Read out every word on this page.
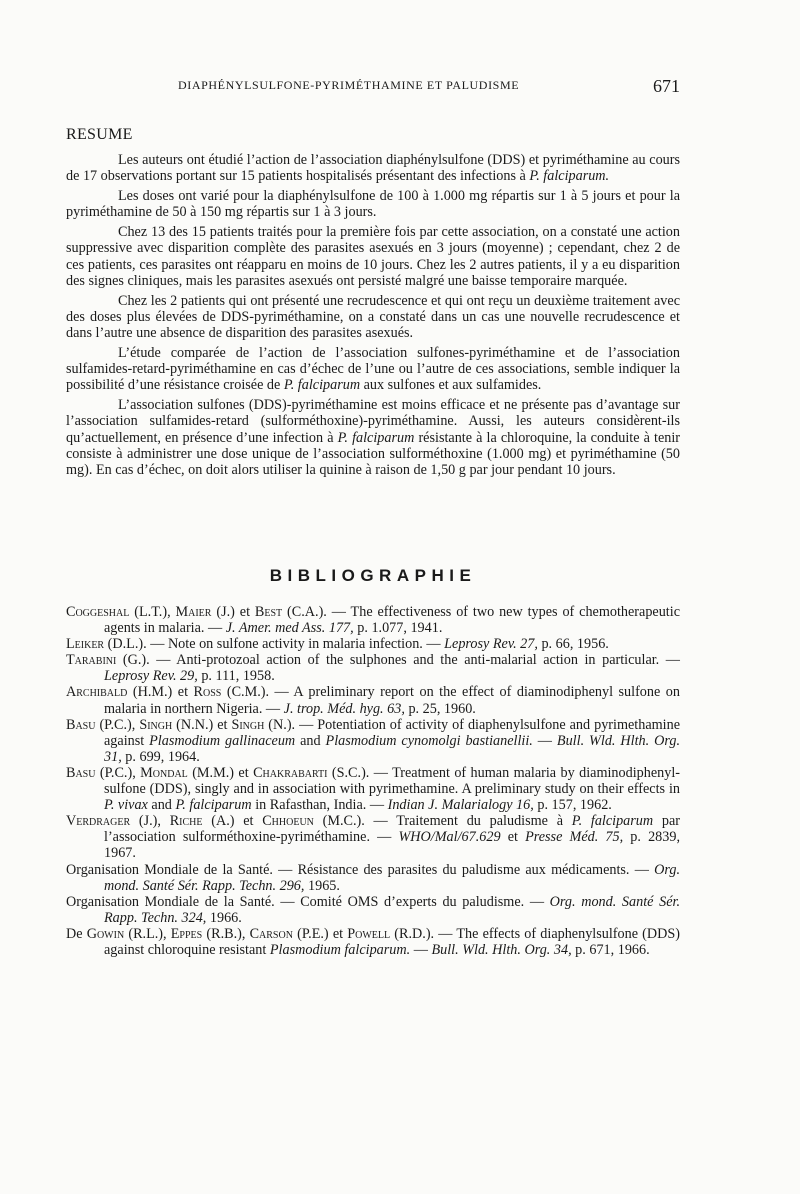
DIAPHÉNYLSULFONE-PYRIMÉTHAMINE ET PALUDISME	671
RESUME

Les auteurs ont étudié l’action de l’association diaphénylsulfone (DDS) et pyriméthamine au cours de 17 observations portant sur 15 patients hospitalisés présentant des infections à P. falciparum.

Les doses ont varié pour la diaphénylsulfone de 100 à 1.000 mg répartis sur 1 à 5 jours et pour la pyriméthamine de 50 à 150 mg répartis sur 1 à 3 jours.

Chez 13 des 15 patients traités pour la première fois par cette association, on a constaté une action suppressive avec disparition complète des parasites asexués en 3 jours (moyenne) ; cependant, chez 2 de ces patients, ces parasites ont réapparu en moins de 10 jours. Chez les 2 autres patients, il y a eu disparition des signes cliniques, mais les parasites asexués ont persisté malgré une baisse temporaire marquée.

Chez les 2 patients qui ont présenté une recrudescence et qui ont reçu un deuxième traitement avec des doses plus élevées de DDS-pyriméthamine, on a constaté dans un cas une nouvelle recrudescence et dans l’autre une absence de disparition des parasites asexués.

L’étude comparée de l’action de l’association sulfones-pyriméthamine et de l’association sulfamides-retard-pyriméthamine en cas d’échec de l’une ou l’autre de ces associations, semble indiquer la possibilité d’une résistance croisée de P. falciparum aux sulfones et aux sulfamides.

L’association sulfones (DDS)-pyriméthamine est moins efficace et ne présente pas d’avantage sur l’association sulfamides-retard (sulforméthoxine)-pyriméthamine. Aussi, les auteurs considèrent-ils qu’actuellement, en présence d’une infection à P. falciparum résistante à la chloroquine, la conduite à tenir consiste à administrer une dose unique de l’association sulforméthoxine (1.000 mg) et pyriméthamine (50 mg). En cas d’échec, on doit alors utiliser la quinine à raison de 1,50 g par jour pendant 10 jours.

BIBLIOGRAPHIE
Coggeshal (L.T.), Maier (J.) et Best (C.A.). — The effectiveness of two new types of chemotherapeutic agents in malaria. — J. Amer. med Ass. 177, p. 1.077, 1941.
Leiker (D.L.). — Note on sulfone activity in malaria infection. — Leprosy Rev. 27, p. 66, 1956.
Tarabini (G.). — Anti-protozoal action of the sulphones and the anti-malarial action in particular. — Leprosy Rev. 29, p. 111, 1958.
Archibald (H.M.) et Ross (C.M.). — A preliminary report on the effect of diaminodiphenyl sulfone on malaria in northern Nigeria. — J. trop. Méd. hyg. 63, p. 25, 1960.
Basu (P.C.), Singh (N.N.) et Singh (N.). — Potentiation of activity of diaphenylsulfone and pyrimethamine against Plasmodium gallinaceum and Plasmodium cynomolgi bastianellii. — Bull. Wld. Hlth. Org. 31, p. 699, 1964.
Basu (P.C.), Mondal (M.M.) et Chakrabarti (S.C.). — Treatment of human malaria by diaminodiphenyl-sulfone (DDS), singly and in association with pyrimethamine. A preliminary study on their effects in P. vivax and P. falciparum in Rafasthan, India. — Indian J. Malarialogy 16, p. 157, 1962.
Verdrager (J.), Riche (A.) et Chhoeun (M.C.). — Traitement du paludisme à P. falciparum par l’association sulforméthoxine-pyriméthamine. — WHO/Mal/67.629 et Presse Méd. 75, p. 2839, 1967.
Organisation Mondiale de la Santé. — Résistance des parasites du paludisme aux médicaments. — Org. mond. Santé Sér. Rapp. Techn. 296, 1965.
Organisation Mondiale de la Santé. — Comité OMS d’experts du paludisme. — Org. mond. Santé Sér. Rapp. Techn. 324, 1966.
De Gowin (R.L.), Eppes (R.B.), Carson (P.E.) et Powell (R.D.). — The effects of diaphenylsulfone (DDS) against chloroquine resistant Plasmodium falciparum. — Bull. Wld. Hlth. Org. 34, p. 671, 1966.
